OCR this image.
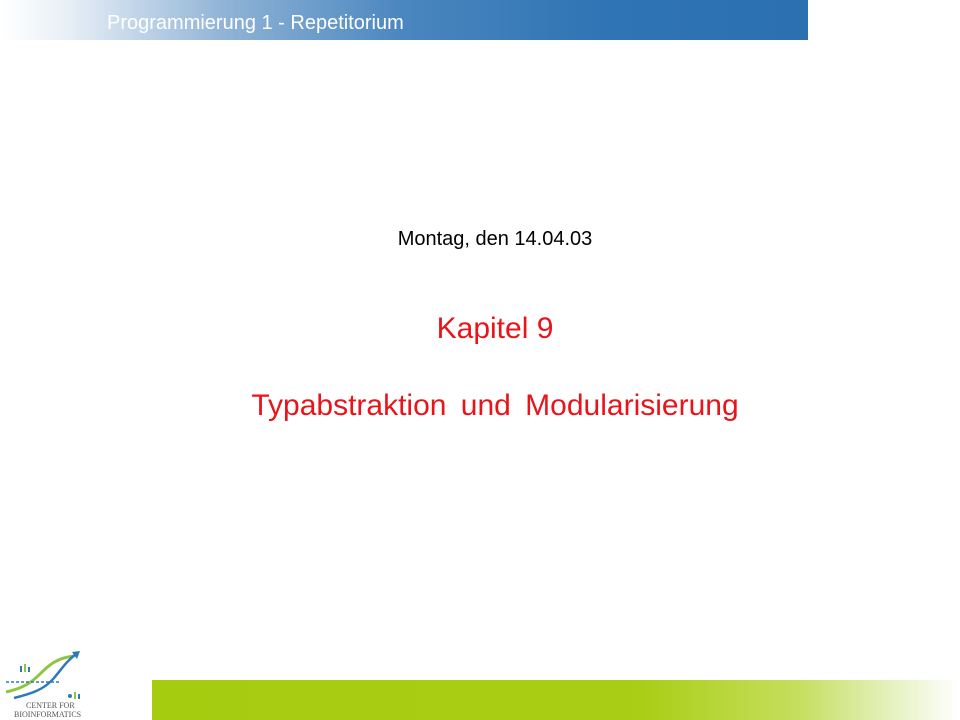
Programmierung 1 - Repetitorium
Montag, den 14.04.03
Kapitel 9
Typabstraktion und Modularisierung
CENTER FOR
BIOINFORMATICS
